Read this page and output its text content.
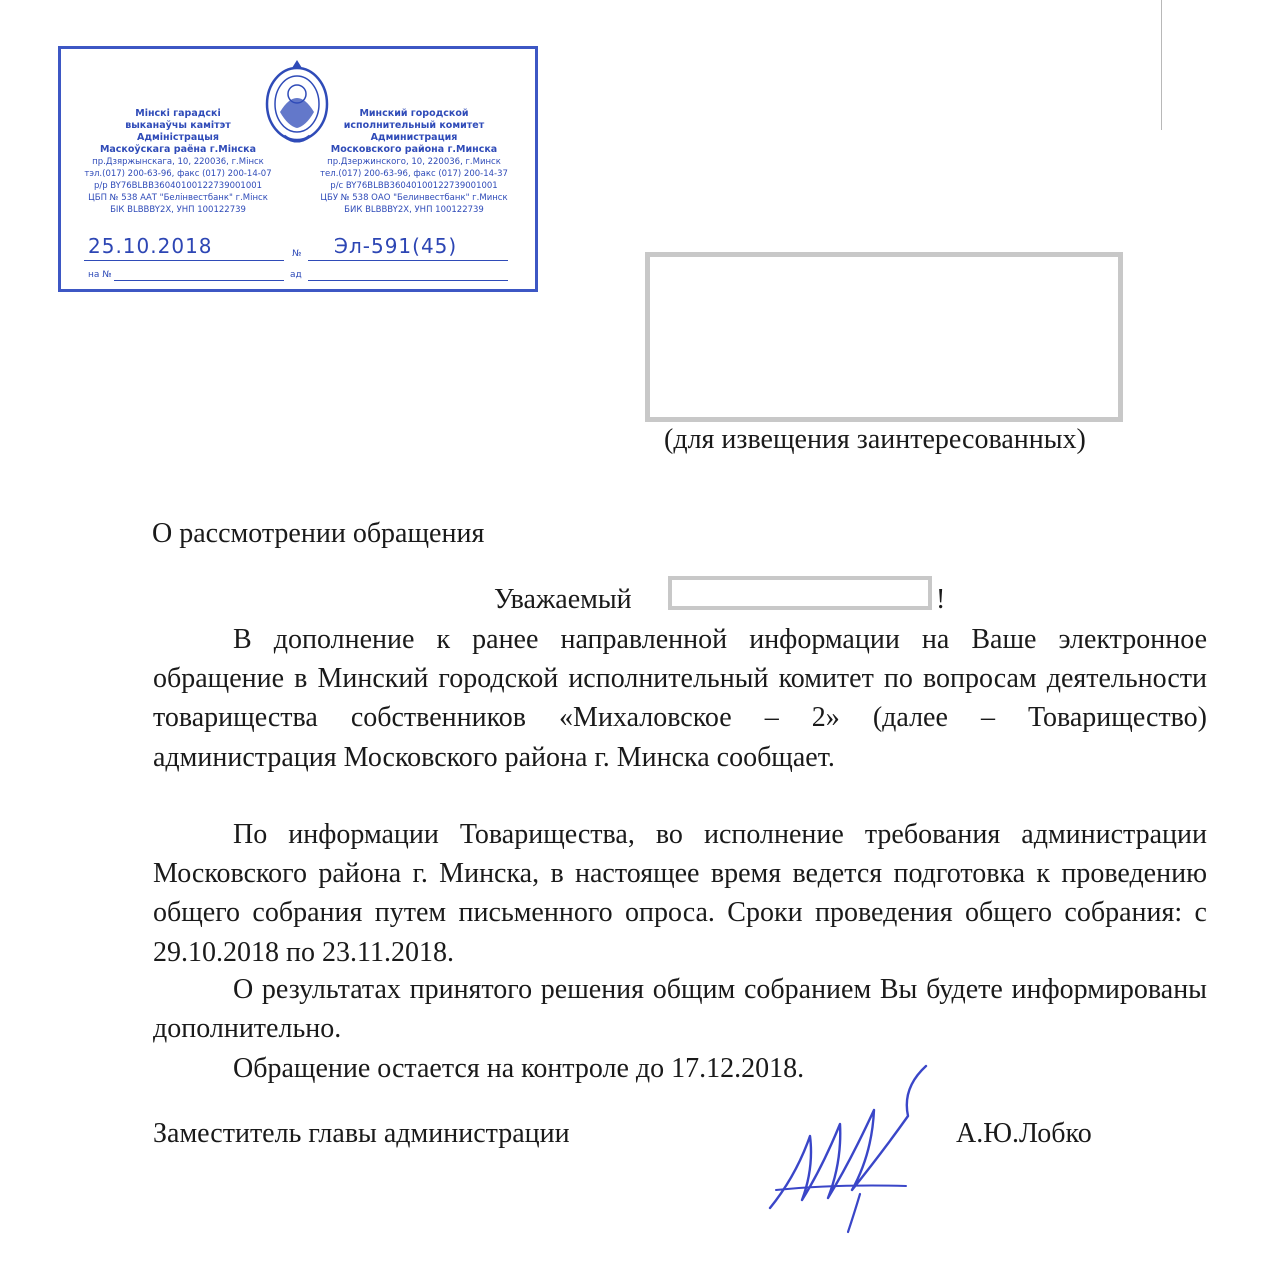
Мінскі гарадскі
выканаўчы камітэт
Адміністрацыя
Маскоўскага раёна г.Мінска
пр.Дзяржынскага, 10, 220036, г.Мінск
тэл.(017) 200-63-96, факс (017) 200-14-07
р/р BY76BLBB36040100122739001001
ЦБП № 538 ААТ "Белінвестбанк" г.Мінск
БІК BLBBBY2X, УНП 100122739
Минский городской
исполнительный комитет
Администрация
Московского района г.Минска
пр.Дзержинского, 10, 220036, г.Минск
тел.(017) 200-63-96, факс (017) 200-14-37
р/с BY76BLBB36040100122739001001
ЦБУ № 538 ОАО "Белинвестбанк" г.Минск
БИК BLBBBY2X, УНП 100122739
25.10.2018	№ Эл-591(45)
на №	ад
(для извещения заинтересованных)
О рассмотрении обращения
Уважаемый	!

В дополнение к ранее направленной информации на Ваше электронное обращение в Минский городской исполнительный комитет по вопросам деятельности товарищества собственников «Михаловское – 2» (далее – Товарищество) администрация Московского района г. Минска сообщает.

По информации Товарищества, во исполнение требования администрации Московского района г. Минска, в настоящее время ведется подготовка к проведению общего собрания путем письменного опроса. Сроки проведения общего собрания: с 29.10.2018 по 23.11.2018.

О результатах принятого решения общим собранием Вы будете информированы дополнительно.

Обращение остается на контроле до 17.12.2018.

Заместитель главы администрации	А.Ю.Лобко
